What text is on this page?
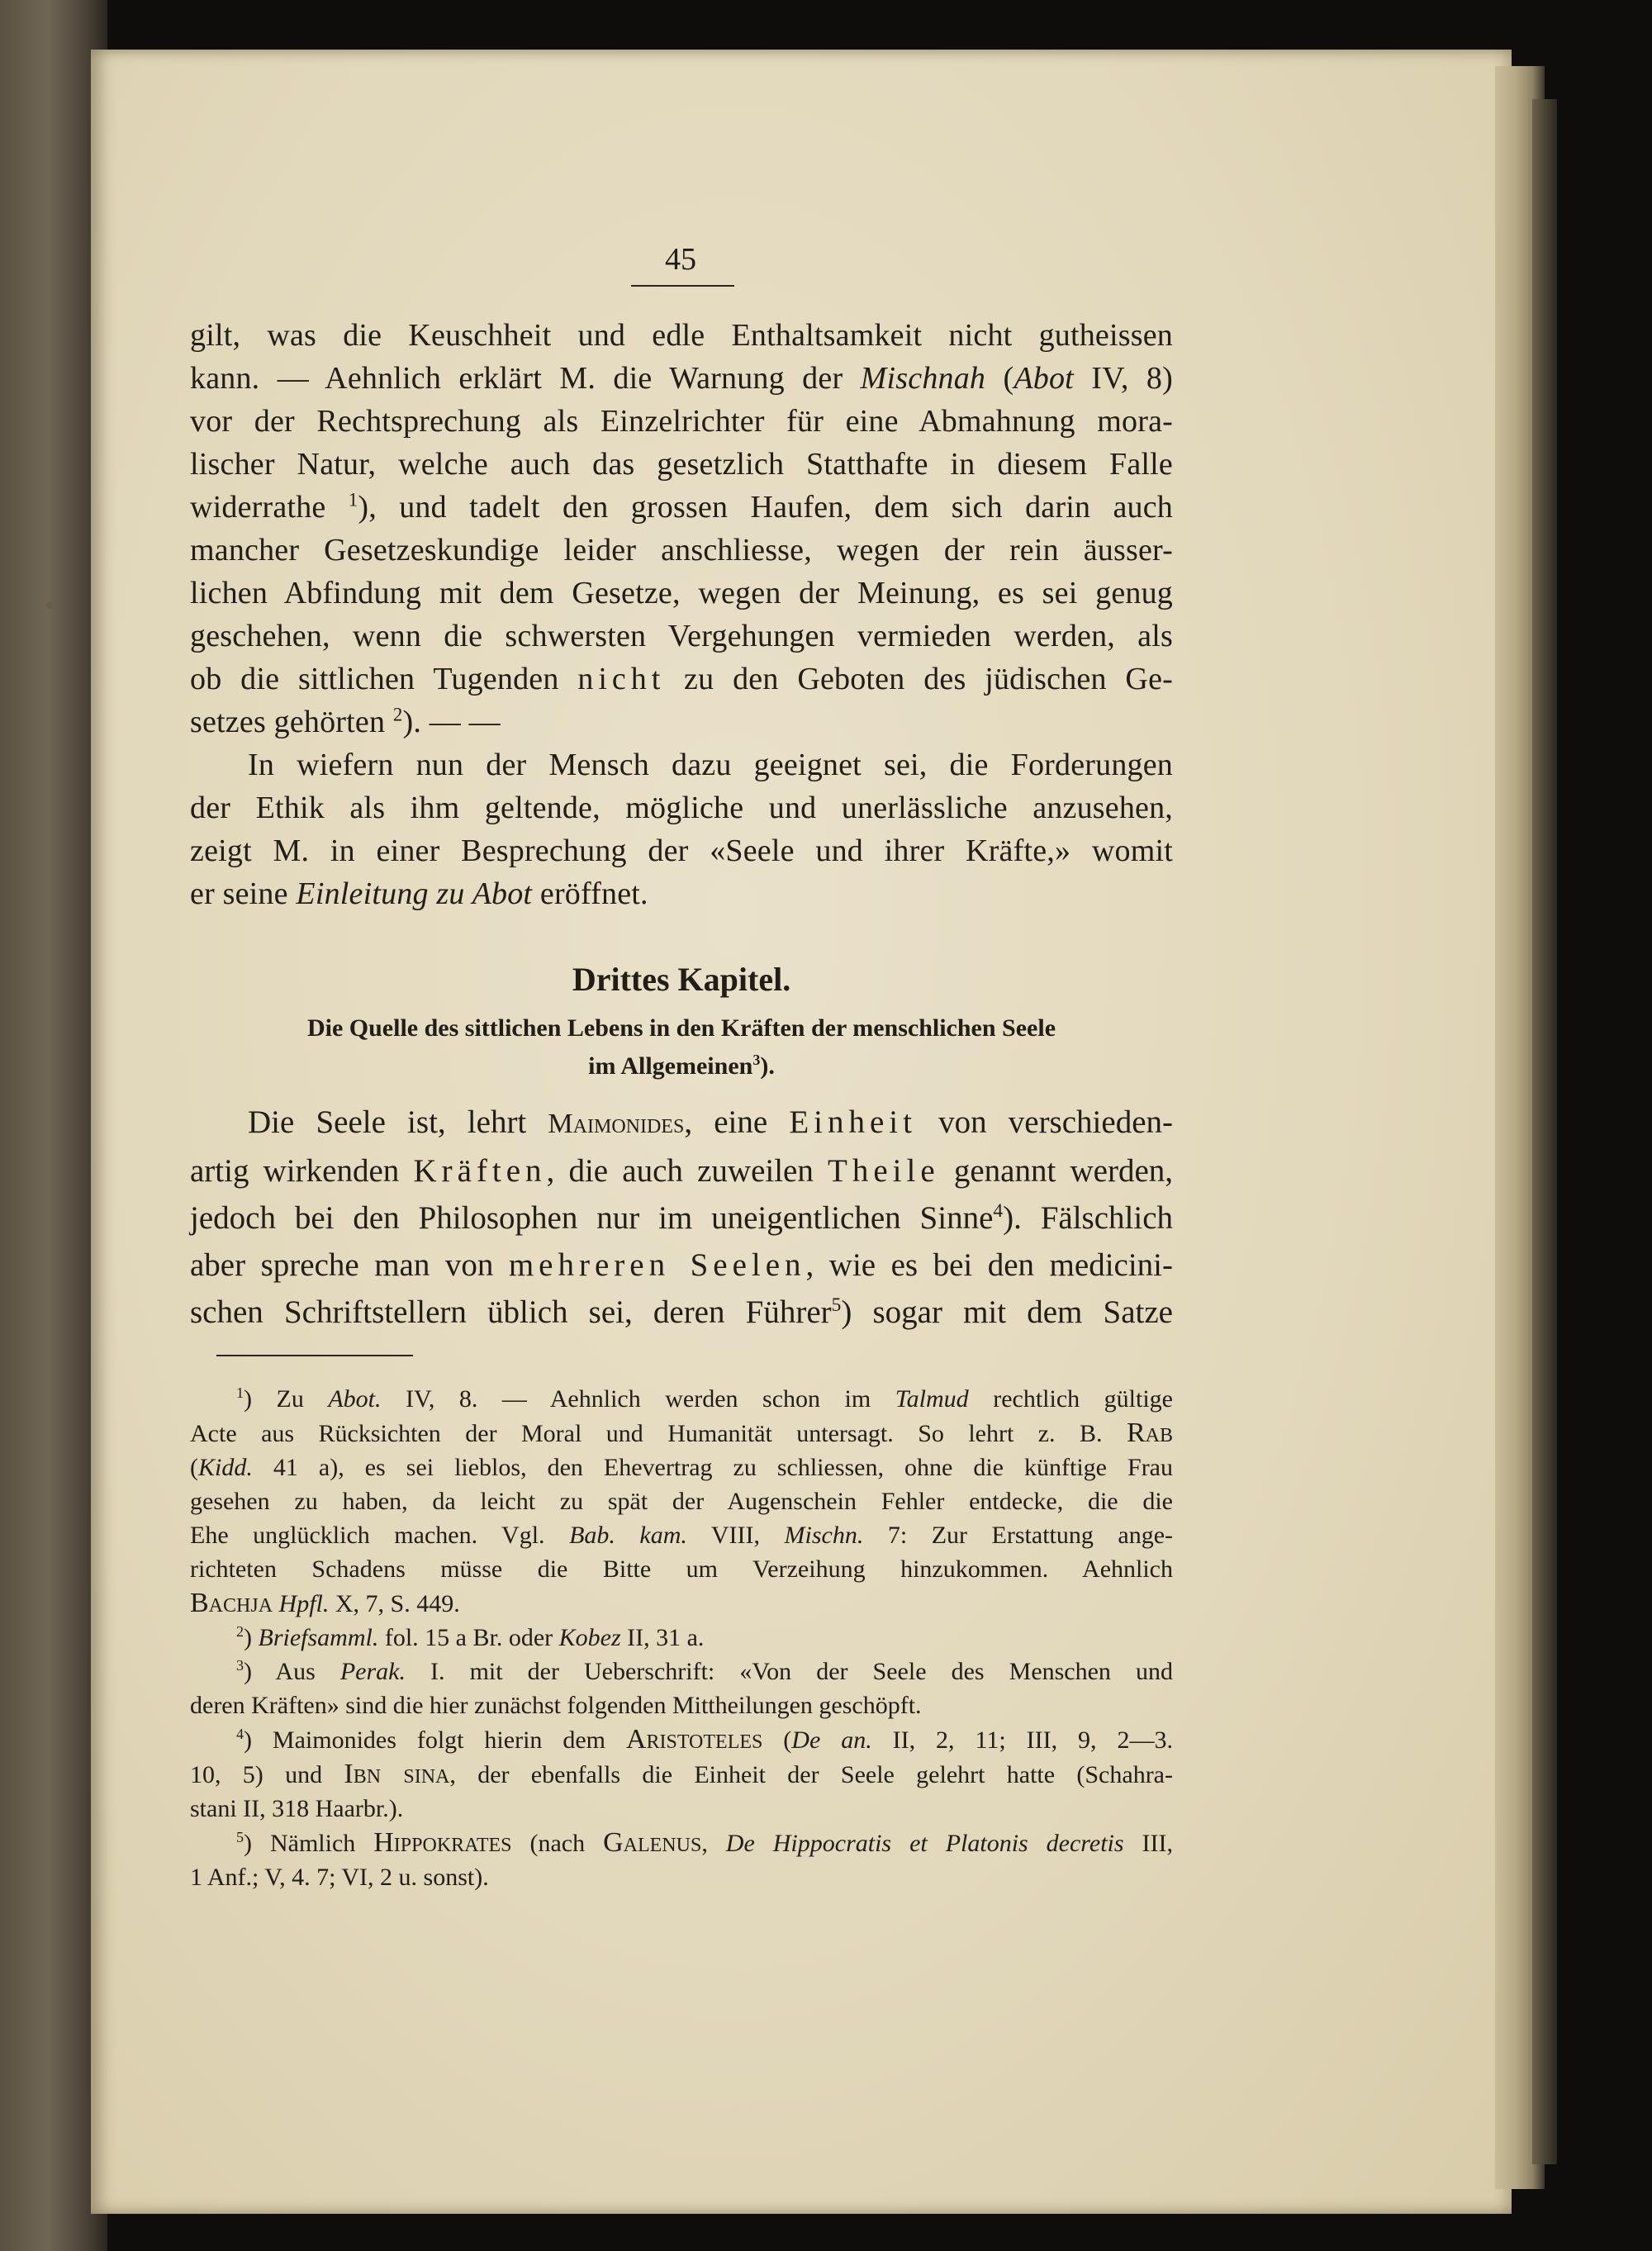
45
gilt, was die Keuschheit und edle Enthaltsamkeit nicht gutheissen
kann. — Aehnlich erklärt M. die Warnung der Mischnah (Abot IV, 8)
vor der Rechtsprechung als Einzelrichter für eine Abmahnung mora-
lischer Natur, welche auch das gesetzlich Statthafte in diesem Falle
widerrathe $^1$), und tadelt den grossen Haufen, dem sich darin auch
mancher Gesetzeskundige leider anschliesse, wegen der rein äusser-
lichen Abfindung mit dem Gesetze, wegen der Meinung, es sei genug
geschehen, wenn die schwersten Vergehungen vermieden werden, als
ob die sittlichen Tugenden nicht zu den Geboten des jüdischen Ge-
setzes gehörten $^2$). — —
In wiefern nun der Mensch dazu geeignet sei, die Forderungen
der Ethik als ihm geltende, mögliche und unerlässliche anzusehen,
zeigt M. in einer Besprechung der «Seele und ihrer Kräfte,» womit
er seine Einleitung zu Abot eröffnet.
Drittes Kapitel.
Die Quelle des sittlichen Lebens in den Kräften der menschlichen Seele
im Allgemeinen$^3$).
Die Seele ist, lehrt Maimonides, eine Einheit von verschieden-
artig wirkenden Kräften, die auch zuweilen Theile genannt werden,
jedoch bei den Philosophen nur im uneigentlichen Sinne$^4$). Fälschlich
aber spreche man von mehreren Seelen, wie es bei den medicini-
schen Schriftstellern üblich sei, deren Führer$^5$) sogar mit dem Satze
$^1$) Zu Abot. IV, 8. — Aehnlich werden schon im Talmud rechtlich gültige
Acte aus Rücksichten der Moral und Humanität untersagt. So lehrt z. B. Rab
(Kidd. 41 a), es sei lieblos, den Ehevertrag zu schliessen, ohne die künftige Frau
gesehen zu haben, da leicht zu spät der Augenschein Fehler entdecke, die die
Ehe unglücklich machen. Vgl. Bab. kam. VIII, Mischn. 7: Zur Erstattung ange-
richteten Schadens müsse die Bitte um Verzeihung hinzukommen. Aehnlich
Bachja Hpfl. X, 7, S. 449.
$^2$) Briefsamml. fol. 15 a Br. oder Kobez II, 31 a.
$^3$) Aus Perak. I. mit der Ueberschrift: «Von der Seele des Menschen und
deren Kräften» sind die hier zunächst folgenden Mittheilungen geschöpft.
$^4$) Maimonides folgt hierin dem Aristoteles (De an. II, 2, 11; III, 9, 2—3.
10, 5) und Ibn sina, der ebenfalls die Einheit der Seele gelehrt hatte (Schahra-
stani II, 318 Haarbr.).
$^5$) Nämlich Hippokrates (nach Galenus, De Hippocratis et Platonis decretis III,
1 Anf.; V, 4. 7; VI, 2 u. sonst).
